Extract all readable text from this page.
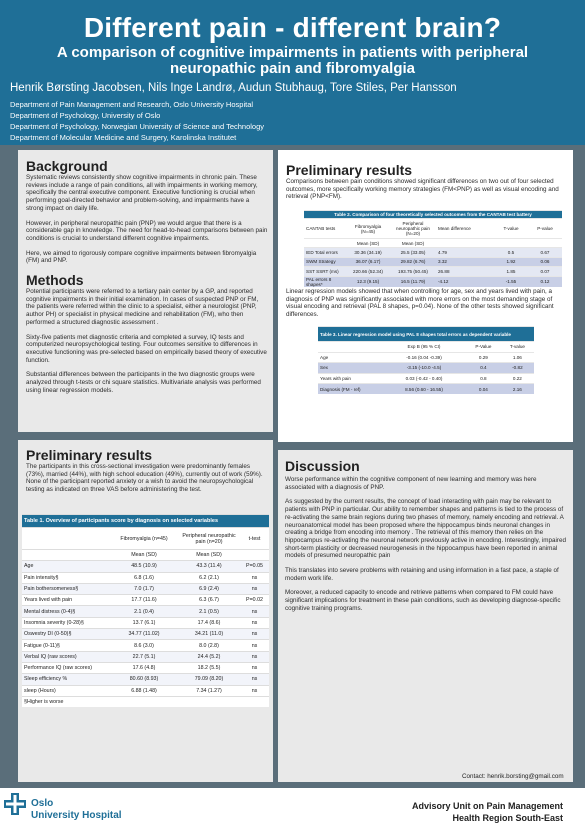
Different pain - different brain?
A comparison of cognitive impairments in patients with peripheral neuropathic pain and fibromyalgia
Henrik Børsting Jacobsen, Nils Inge Landrø, Audun Stubhaug, Tore Stiles, Per Hansson
Department of Pain Management and Research, Oslo University Hospital
Department of Psychology, University of Oslo
Department of Psychology, Norwegian University of Science and Technology
Department of Molecular Medicine and Surgery, Karolinska Institutet
Background

Systematic reviews consistently show cognitive impairments in chronic pain. These reviews include a range of pain conditions, all with impairments in working memory, specifically the central executive component. Executive functioning is crucial when performing goal-directed behavior and problem-solving, and impairments have a strong impact on daily life.

However, in peripheral neuropathic pain (PNP) we would argue that there is a considerable gap in knowledge. The need for head-to-head comparisons between pain conditions is crucial to understand different cognitive impairments.

Here, we aimed to rigorously compare cognitive impairments between fibromyalgia (FM) and PNP.

Methods

Potential participants were referred to a tertiary pain center by a GP, and reported cognitive impairments in their initial examination. In cases of suspected PNP or FM, the patients were referred within the clinic to a specialist, either a neurologist (PNP, author PH) or specialist in physical medicine and rehabilitation (FM), who then performed a structured diagnostic assessment .

Sixty-five patients met diagnostic criteria and completed a survey, IQ tests and computerized neuropsychological testing. Four outcomes sensitive to differences in executive functioning was pre-selected based on empirically based theory of executive function.

Substantial differences between the participants in the two diagnostic groups were analyzed through t-tests or chi square statistics. Multivariate analysis was performed using linear regression models.

Preliminary results

The participants in this cross-sectional investigation were predominantly females (73%), married (44%), with high school education (49%), currently out of work (59%). None of the participant reported anxiety or a wish to avoid the neuropsychological testing as indicated on three VAS before administering the test.

Table 1. Overview of participants score by diagnosis on selected variables			
	Fibromyalgia (n=45)	Peripheral neuropathic pain (n=20)	t-test
	Mean (SD)	Mean (SD)	
Age	48.5 (10.9)	43.3 (11.4)	P=0.05
Pain intensity§	6.8 (1.6)	6.2 (2.1)	ns
Pain bothersomeness§	7.0 (1.7)	6.9 (2.4)	ns
Years lived with pain	17.7 (11.6)	6.3 (6.7)	P=0.02
Mental distress (0-4)§	2.1 (0.4)	2.1 (0.5)	ns
Insomnia severity (0-28)§	13.7 (6.1)	17.4 (8.6)	ns
Oswestry DI (0-50)§	34.77 (11.02)	34.21 (11.0)	ns
Fatigue (0-11)§	8.6 (3.0)	8.0 (2.8)	ns
Verbal IQ (raw scores)	22.7 (5.1)	24.4 (5.2)	ns
Performance IQ (raw scores)	17.6 (4.8)	18.2 (5.5)	ns
Sleep efficiency %	80.60 (8.93)	79.09 (8.20)	ns
sleep (Hours)	6.88 (1.48)	7.34 (1.27)	ns
§Higher is worse			
Preliminary results

Comparisons between pain conditions showed significant differences on two out of four selected outcomes, more specifically working memory strategies (FM<PNP) as well as visual encoding and retrieval (PNP<FM).

Table 2. Comparison of four theoretically selected outcomes from the CANTAB test battery						
CANTAB tests	Fibromyalgia (N=45)	Peripheral neuropathic pain (N=20)	Mean difference		T-value	P-value
	Mean (SD)	Mean (SD)				
IED Total errors	30.36 (34.19)	25.5 (33.05)	4.79		0.5	0.67
SWM Strategy	36.07 (6.17)	29.82 (6.76)	3.32		1.92	0.06
SST SSRT (ms)	220.66 (52.34)	193.75 (50.45)	26.88		1.85	0.07
PAL errors 8 shapes*	12.3 (9.15)	16.5 (11.79)	-4.12		-1.55	0.12

Linear regression models showed that when controlling for age, sex and years lived with pain, a diagnosis of PNP was significantly associated with more errors on the most demanding stage of visual encoding and retrieval (PAL 8 shapes, p=0.04). None of the other tests showed significant differences.

Table 3. Linear regression model using PAL 8 shapes total errors as dependent variable			
	Exp B (95 % CI)	P-Value	T-value
Age	-0.16 (0.04 -0.39)	0.29	1.06
Sex	-3.15 (-10.0 -4.5)	0.4	-0.82
Years with pain	0.03 (-0.42 - 0.40)	0.8	0.22
Diagnosis (FM - ref)	8.56 (0.60 - 16.55)	0.04	2.16
Discussion

Worse performance within the cognitive component of new learning and memory was here associated with a diagnosis of PNP.

As suggested by the current results, the concept of load interacting with pain may be relevant to patients with PNP in particular. Our ability to remember shapes and patterns is tied to the process of re-activating the same brain regions during two phases of memory, namely encoding and retrieval. A neuroanatomical model has been proposed where the hippocampus binds neuronal changes in creating a bridge from encoding into memory . The retrieval of this memory then relies on the hippocampus re-activating the neuronal network previously active in encoding. Interestingly, impaired short-term plasticity or decreased neurogenesis in the hippocampus have been reported in animal models of presumed neuropathic pain

This translates into severe problems with retaining and using information in a fast pace, a staple of modern work life.

Moreover, a reduced capacity to encode and retrieve patterns when compared to FM could have significant implications for treatment in these pain conditions, such as developing diagnose-specific cognitive training programs.

Contact: henrik.borsting@gmail.com
Oslo
University Hospital
Advisory Unit on Pain Management
Health Region South-East
